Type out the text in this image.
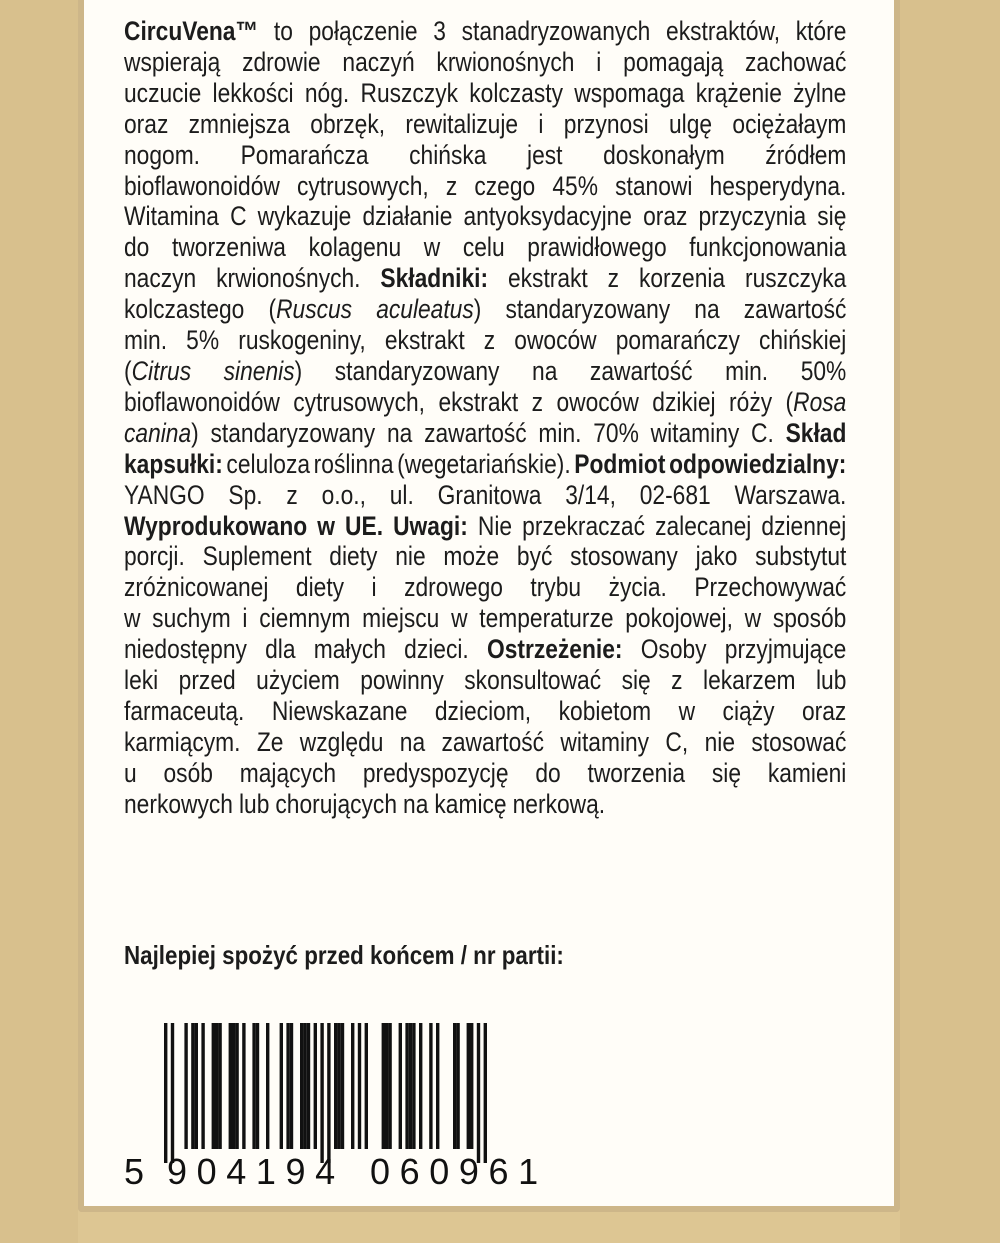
CircuVena™ to połączenie 3 stanadryzowanych ekstraktów, które
wspierają zdrowie naczyń krwionośnych i pomagają zachować
uczucie lekkości nóg. Ruszczyk kolczasty wspomaga krążenie żylne
oraz zmniejsza obrzęk, rewitalizuje i przynosi ulgę ociężałaym
nogom. Pomarańcza chińska jest doskonałym źródłem
bioflawonoidów cytrusowych, z czego 45% stanowi hesperydyna.
Witamina C wykazuje działanie antyoksydacyjne oraz przyczynia się
do tworzeniwa kolagenu w celu prawidłowego funkcjonowania
naczyn krwionośnych. Składniki: ekstrakt z korzenia ruszczyka
kolczastego (Ruscus aculeatus) standaryzowany na zawartość
min. 5% ruskogeniny, ekstrakt z owoców pomarańczy chińskiej
(Citrus sinenis) standaryzowany na zawartość min. 50%
bioflawonoidów cytrusowych, ekstrakt z owoców dzikiej róży (Rosa
canina) standaryzowany na zawartość min. 70% witaminy C. Skład
kapsułki: celuloza roślinna (wegetariańskie). Podmiot odpowiedzialny:
YANGO Sp. z o.o., ul. Granitowa 3/14, 02-681 Warszawa.
Wyprodukowano w UE. Uwagi: Nie przekraczać zalecanej dziennej
porcji. Suplement diety nie może być stosowany jako substytut
zróżnicowanej diety i zdrowego trybu życia. Przechowywać
w suchym i ciemnym miejscu w temperaturze pokojowej, w sposób
niedostępny dla małych dzieci. Ostrzeżenie: Osoby przyjmujące
leki przed użyciem powinny skonsultować się z lekarzem lub
farmaceutą. Niewskazane dzieciom, kobietom w ciąży oraz
karmiącym. Ze względu na zawartość witaminy C, nie stosować
u osób mających predyspozycję do tworzenia się kamieni
nerkowych lub chorujących na kamicę nerkową.
Najlepiej spożyć przed końcem / nr partii:
5 904194 060961
